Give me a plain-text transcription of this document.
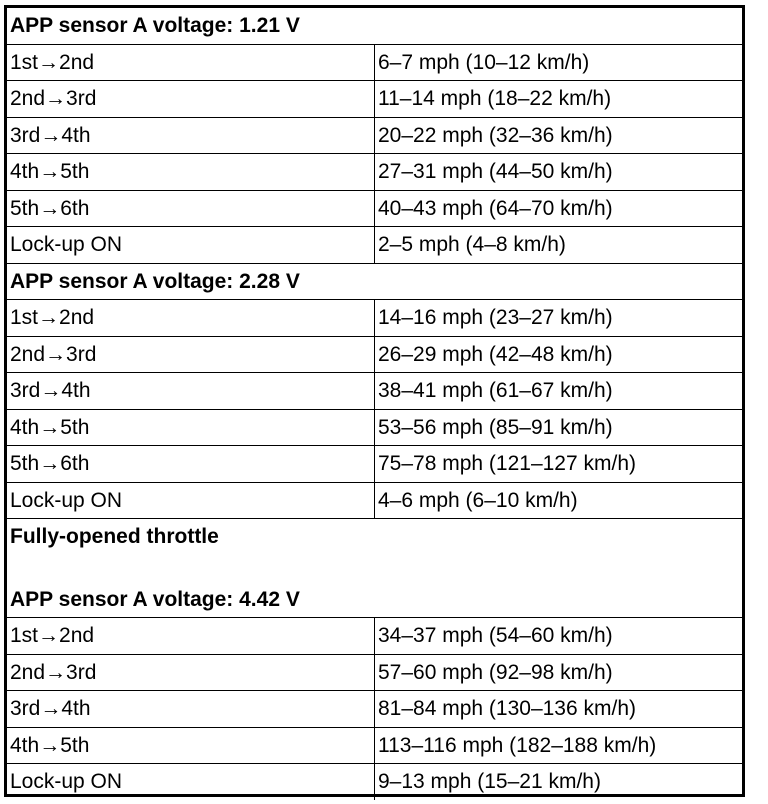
APP sensor A voltage: 1.21 V	
1st→2nd	6–7 mph (10–12 km/h)
2nd→3rd	11–14 mph (18–22 km/h)
3rd→4th	20–22 mph (32–36 km/h)
4th→5th	27–31 mph (44–50 km/h)
5th→6th	40–43 mph (64–70 km/h)
Lock-up ON	2–5 mph (4–8 km/h)
APP sensor A voltage: 2.28 V	
1st→2nd	14–16 mph (23–27 km/h)
2nd→3rd	26–29 mph (42–48 km/h)
3rd→4th	38–41 mph (61–67 km/h)
4th→5th	53–56 mph (85–91 km/h)
5th→6th	75–78 mph (121–127 km/h)
Lock-up ON	4–6 mph (6–10 km/h)

Fully-opened throttle
APP sensor A voltage: 4.42 V	

1st→2nd	34–37 mph (54–60 km/h)
2nd→3rd	57–60 mph (92–98 km/h)
3rd→4th	81–84 mph (130–136 km/h)
4th→5th	113–116 mph (182–188 km/h)
Lock-up ON	9–13 mph (15–21 km/h)
